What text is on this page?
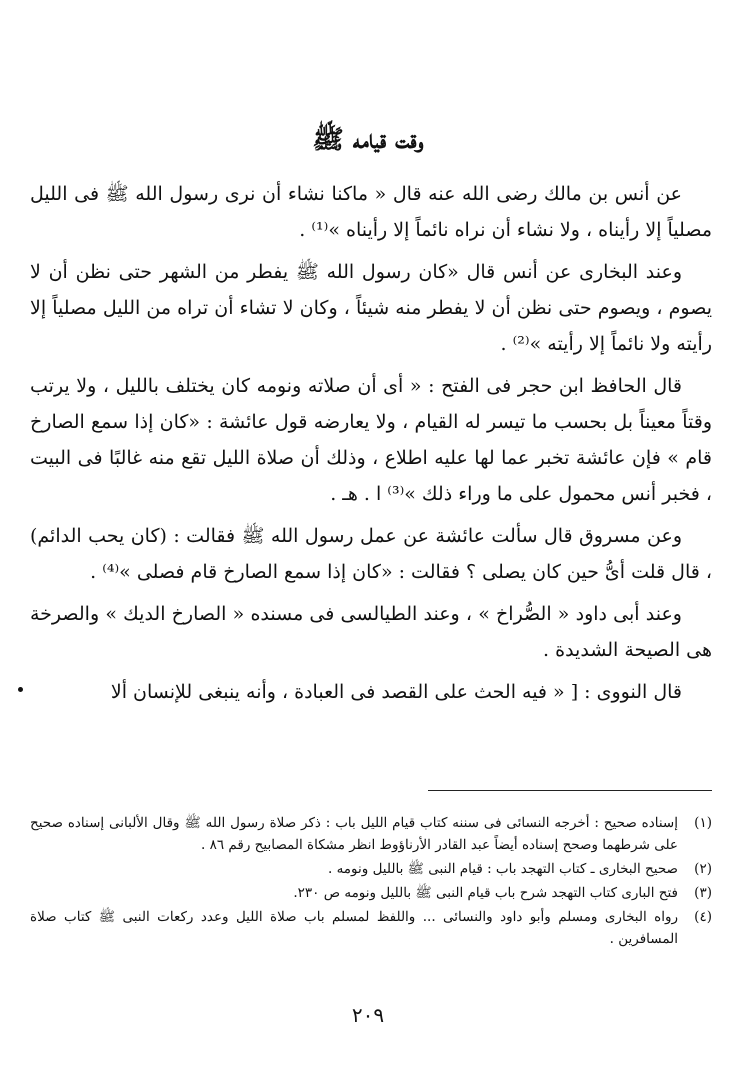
وقت قيامه ﷺ

عن أنس بن مالك رضى الله عنه قال « ماكنا نشاء أن نرى رسول الله ﷺ فى الليل مصلياً إلا رأيناه ، ولا نشاء أن نراه نائماً إلا رأيناه »⁽¹⁾ .

وعند البخارى عن أنس قال «كان رسول الله ﷺ يفطر من الشهر حتى نظن أن لا يصوم ، ويصوم حتى نظن أن لا يفطر منه شيئاً ، وكان لا تشاء أن تراه من الليل مصلياً إلا رأيته ولا نائماً إلا رأيته »⁽²⁾ .

قال الحافظ ابن حجر فى الفتح : « أى أن صلاته ونومه كان يختلف بالليل ، ولا يرتب وقتاً معيناً بل بحسب ما تيسر له القيام ، ولا يعارضه قول عائشة : «كان إذا سمع الصارخ قام » فإن عائشة تخبر عما لها عليه اطلاع ، وذلك أن صلاة الليل تقع منه غالبًا فى البيت ، فخبر أنس محمول على ما وراء ذلك »⁽³⁾ ا . هـ .

وعن مسروق قال سألت عائشة عن عمل رسول الله ﷺ فقالت : (كان يحب الدائم) ، قال قلت أىُّ حين كان يصلى ؟ فقالت : «كان إذا سمع الصارخ قام فصلى »⁽⁴⁾ .

وعند أبى داود « الصُّراخ » ، وعند الطيالسى فى مسنده « الصارخ الديك » والصرخة هى الصيحة الشديدة .

قال النووى : [ « فيه الحث على القصد فى العبادة ، وأنه ينبغى للإنسان ألا

(١)
إسناده صحيح : أخرجه النسائى فى سننه كتاب قيام الليل باب : ذكر صلاة رسول الله ﷺ وقال الألبانى إسناده صحيح على شرطهما وصحح إسناده أيضاً عبد القادر الأرناؤوط انظر مشكاة المصابيح رقم ٨٦ .
(٢)
صحيح البخارى ـ كتاب التهجد باب : قيام النبى ﷺ بالليل ونومه .
(٣)
فتح البارى كتاب التهجد شرح باب قيام النبى ﷺ بالليل ونومه ص ٢٣٠.
(٤)
رواه البخارى ومسلم وأبو داود والنسائى ... واللفظ لمسلم باب صلاة الليل وعدد ركعات النبى ﷺ كتاب صلاة المسافرين .
٢٠٩
